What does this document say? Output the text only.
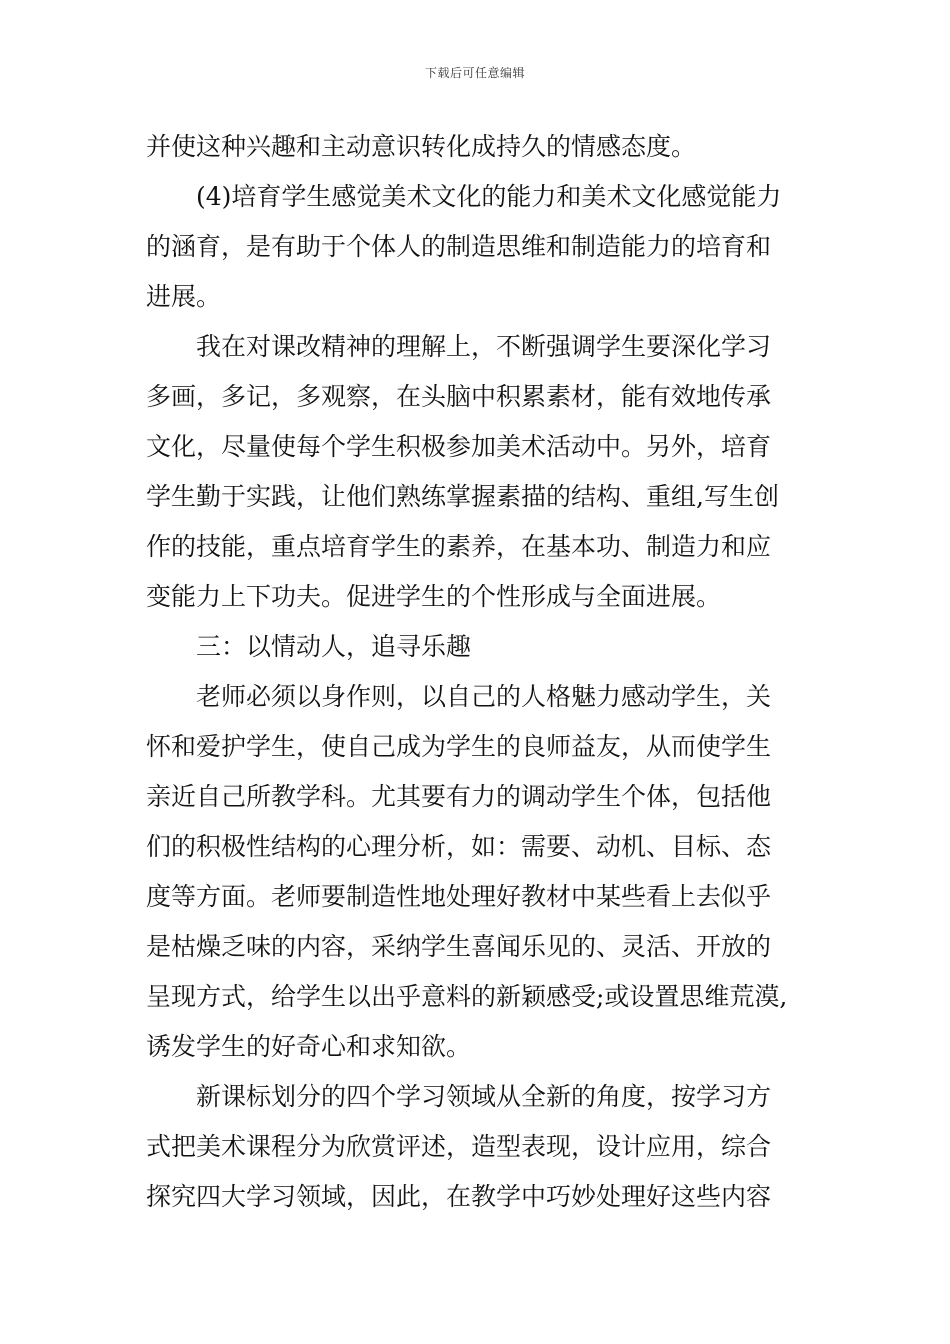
下载后可任意编辑
并使这种兴趣和主动意识转化成持久的情感态度。
　　(4)培育学生感觉美术文化的能力和美术文化感觉能力
的涵育，是有助于个体人的制造思维和制造能力的培育和
进展。
　　我在对课改精神的理解上，不断强调学生要深化学习
多画，多记，多观察，在头脑中积累素材，能有效地传承
文化，尽量使每个学生积极参加美术活动中。另外，培育
学生勤于实践，让他们熟练掌握素描的结构、重组,写生创
作的技能，重点培育学生的素养，在基本功、制造力和应
变能力上下功夫。促进学生的个性形成与全面进展。
　　三：以情动人，追寻乐趣
　　老师必须以身作则，以自己的人格魅力感动学生，关
怀和爱护学生，使自己成为学生的良师益友，从而使学生
亲近自己所教学科。尤其要有力的调动学生个体，包括他
们的积极性结构的心理分析，如：需要、动机、目标、态
度等方面。老师要制造性地处理好教材中某些看上去似乎
是枯燥乏味的内容，采纳学生喜闻乐见的、灵活、开放的
呈现方式，给学生以出乎意料的新颖感受;或设置思维荒漠,
诱发学生的好奇心和求知欲。
　　新课标划分的四个学习领域从全新的角度，按学习方
式把美术课程分为欣赏评述，造型表现，设计应用，综合
探究四大学习领域，因此，在教学中巧妙处理好这些内容
